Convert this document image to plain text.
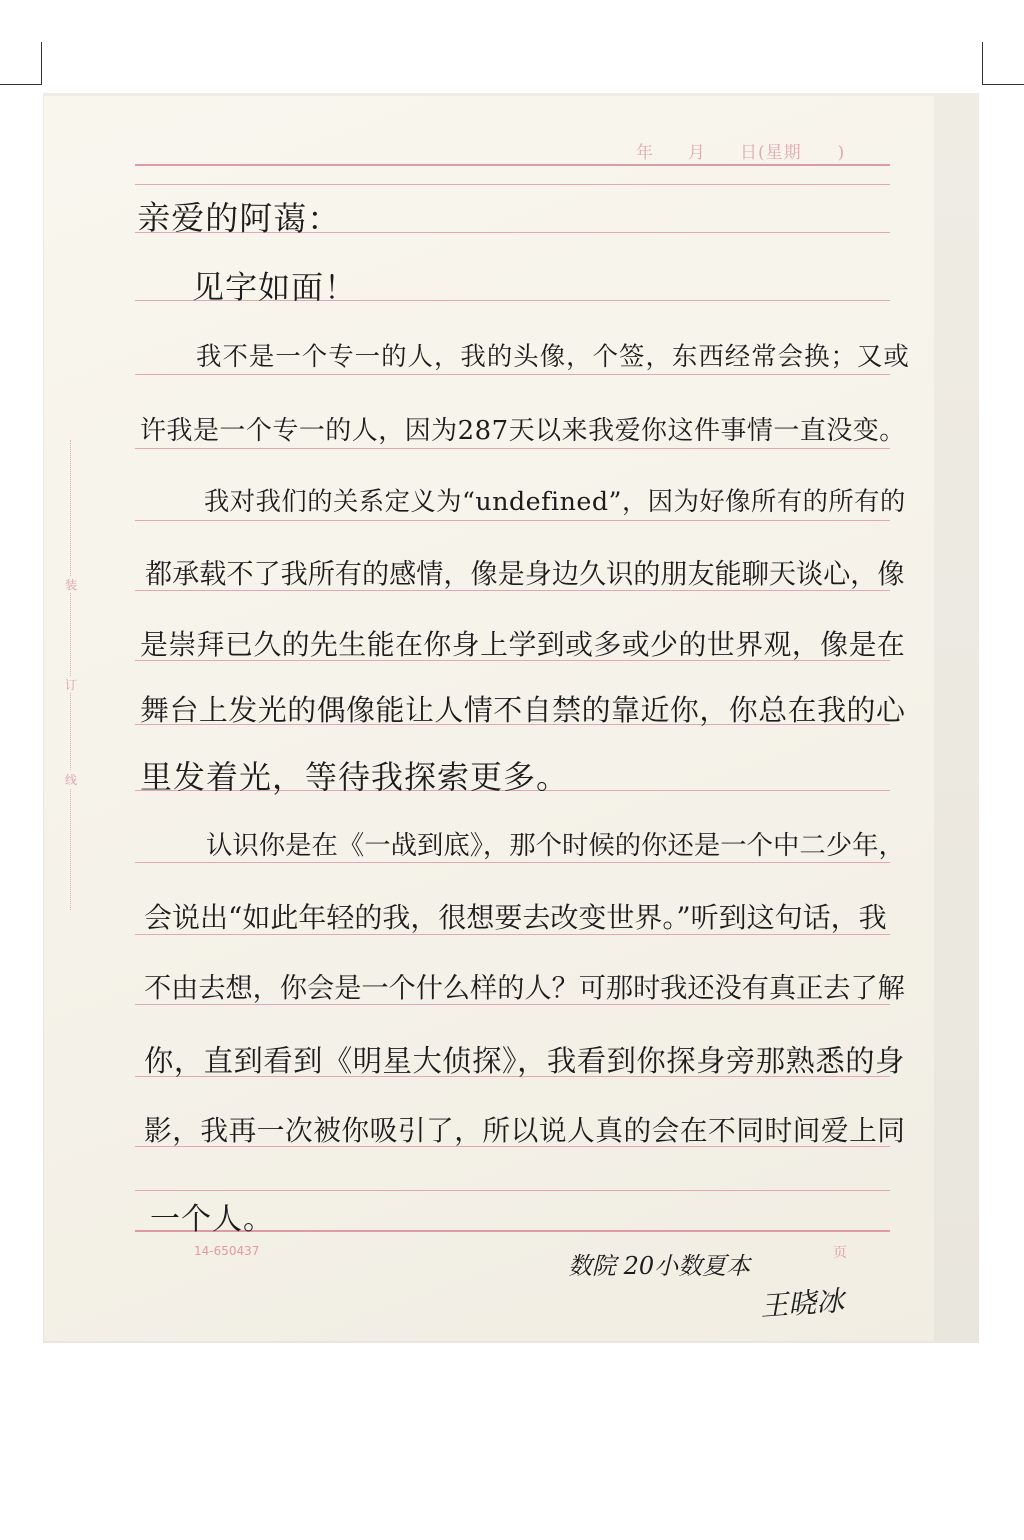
年 月 日(星期 )
装
订
线
亲爱的阿蔼：
见字如面！
我不是一个专一的人，我的头像，个签，东西经常会换；又或
许我是一个专一的人，因为287天以来我爱你这件事情一直没变。
我对我们的关系定义为“undefined”，因为好像所有的所有的
都承载不了我所有的感情，像是身边久识的朋友能聊天谈心，像
是崇拜已久的先生能在你身上学到或多或少的世界观，像是在
舞台上发光的偶像能让人情不自禁的靠近你，你总在我的心
里发着光，等待我探索更多。
认识你是在《一战到底》，那个时候的你还是一个中二少年，
会说出“如此年轻的我，很想要去改变世界。”听到这句话，我
不由去想，你会是一个什么样的人？可那时我还没有真正去了解
你，直到看到《明星大侦探》，我看到你探身旁那熟悉的身
影，我再一次被你吸引了，所以说人真的会在不同时间爱上同
一个人。
14-650437	页
数院 20小数夏本
王晓冰
